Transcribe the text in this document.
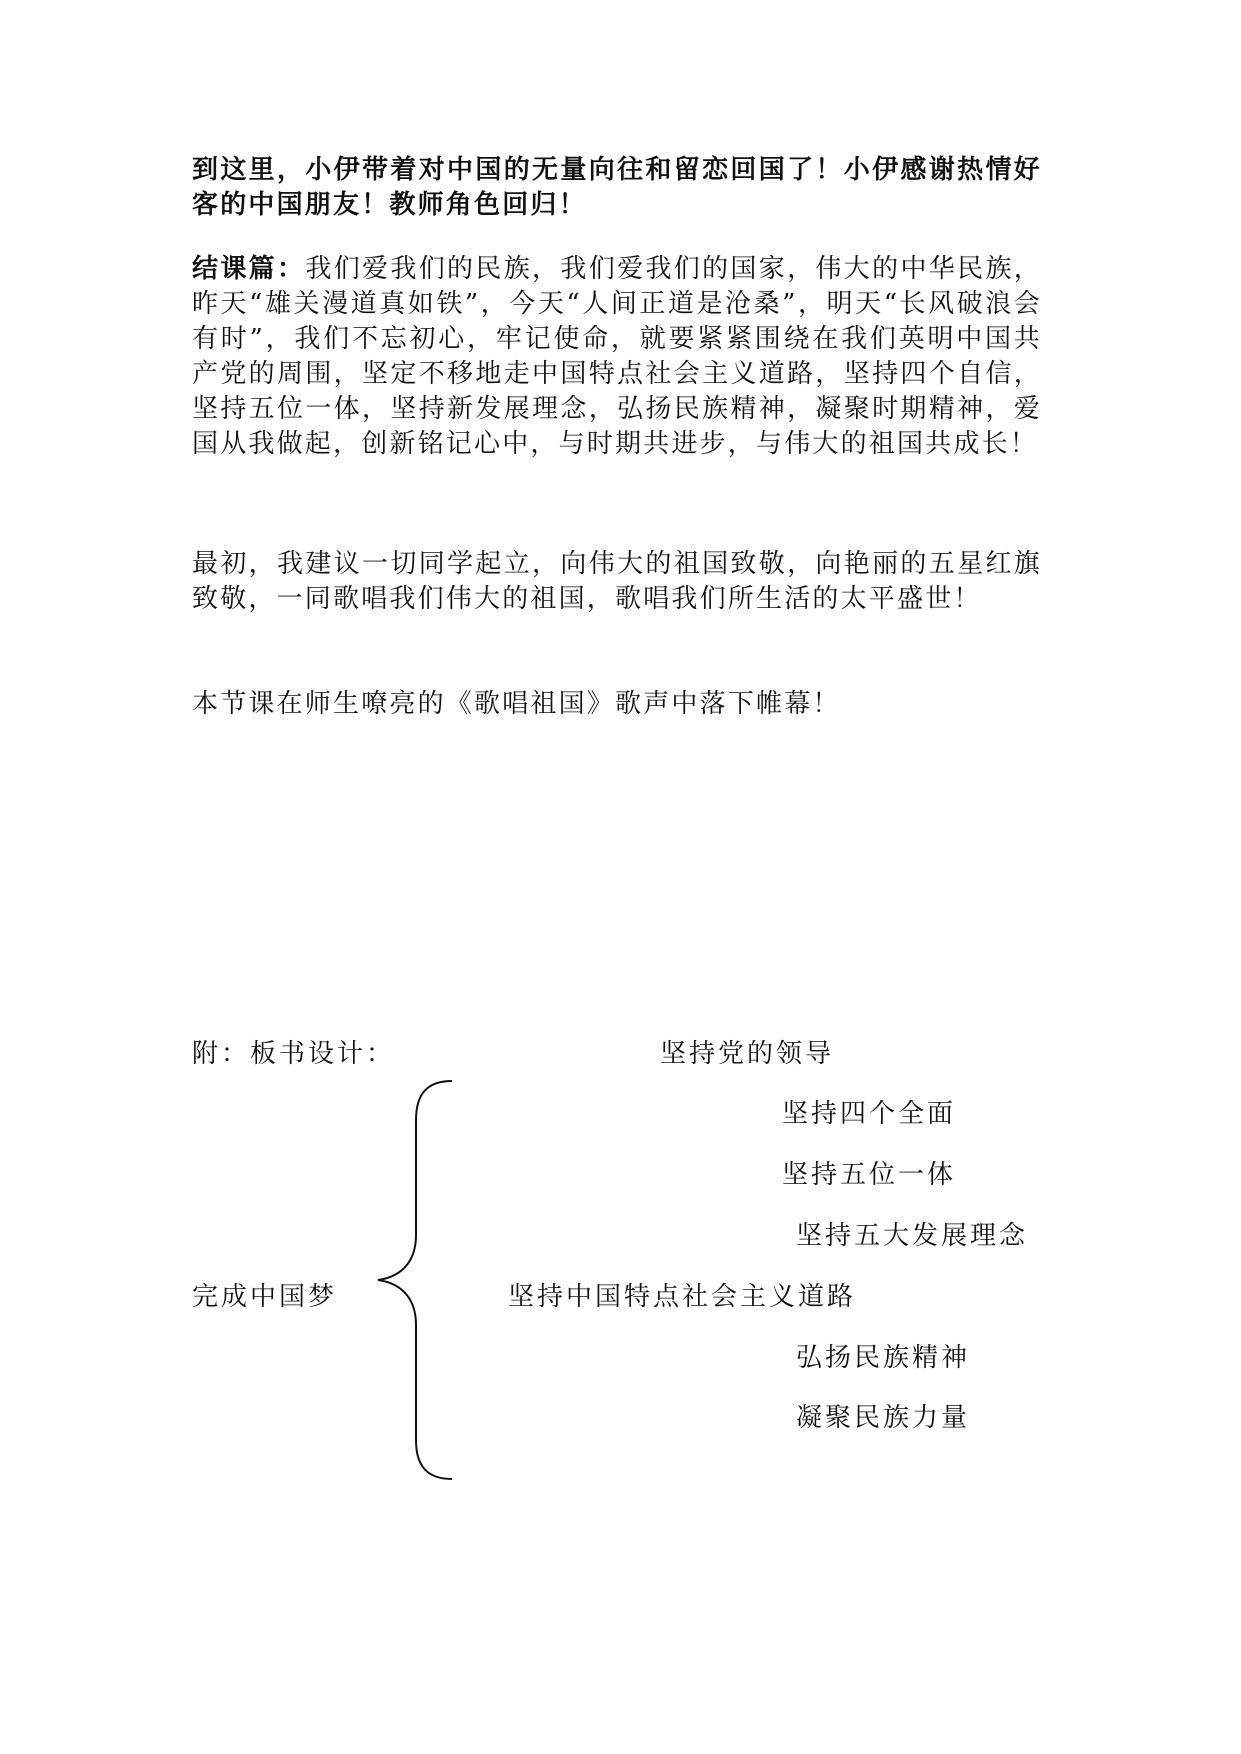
到这里，小伊带着对中国的无量向往和留恋回国了！小伊感谢热情好客的中国朋友！教师角色回归！

结课篇：我们爱我们的民族，我们爱我们的国家，伟大的中华民族，昨天“雄关漫道真如铁”，今天“人间正道是沧桑”，明天“长风破浪会有时”，我们不忘初心，牢记使命，就要紧紧围绕在我们英明中国共产党的周围，坚定不移地走中国特点社会主义道路，坚持四个自信，坚持五位一体，坚持新发展理念，弘扬民族精神，凝聚时期精神，爱国从我做起，创新铭记心中，与时期共进步，与伟大的祖国共成长！

最初，我建议一切同学起立，向伟大的祖国致敬，向艳丽的五星红旗致敬，一同歌唱我们伟大的祖国，歌唱我们所生活的太平盛世！

本节课在师生嘹亮的《歌唱祖国》歌声中落下帷幕！

附：板书设计：	坚持党的领导
坚持四个全面
坚持五位一体
坚持五大发展理念
坚持中国特点社会主义道路
弘扬民族精神
凝聚民族力量
完成中国梦
